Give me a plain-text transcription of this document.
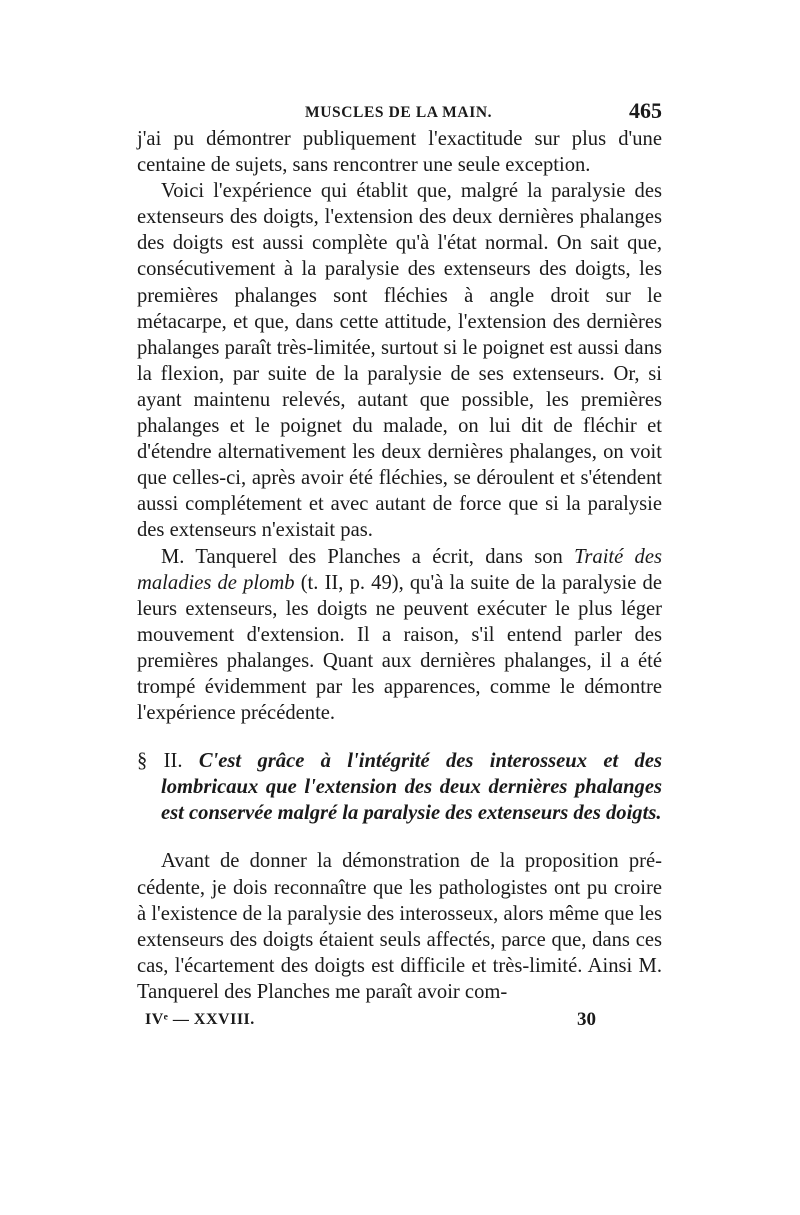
MUSCLES DE LA MAIN.	465

j'ai pu démontrer publiquement l'exactitude sur plus d'une centaine de sujets, sans rencontrer une seule exception.

Voici l'expérience qui établit que, malgré la paralysie des extenseurs des doigts, l'extension des deux dernières phalanges des doigts est aussi complète qu'à l'état normal. On sait que, consécutivement à la paralysie des extenseurs des doigts, les premières phalanges sont fléchies à angle droit sur le métacarpe, et que, dans cette attitude, l'extension des dernières phalanges paraît très-limitée, surtout si le poignet est aussi dans la flexion, par suite de la paralysie de ses extenseurs. Or, si ayant maintenu relevés, autant que possible, les premières phalanges et le poignet du malade, on lui dit de fléchir et d'étendre alternativement les deux dernières phalanges, on voit que celles-ci, après avoir été fléchies, se déroulent et s'étendent aussi complétement et avec autant de force que si la paralysie des extenseurs n'existait pas.

M. Tanquerel des Planches a écrit, dans son Traité des maladies de plomb (t. II, p. 49), qu'à la suite de la paralysie de leurs extenseurs, les doigts ne peuvent exécuter le plus léger mouvement d'extension. Il a raison, s'il entend parler des premières phalanges. Quant aux dernières phalanges, il a été trompé évidemment par les apparences, comme le démontre l'expérience précédente.

§ II. C'est grâce à l'intégrité des interosseux et des lombricaux que l'extension des deux dernières phalanges est conservée malgré la paralysie des extenseurs des doigts.

Avant de donner la démonstration de la proposition précédente, je dois reconnaître que les pathologistes ont pu croire à l'existence de la paralysie des interosseux, alors même que les extenseurs des doigts étaient seuls affectés, parce que, dans ces cas, l'écartement des doigts est difficile et très-limité. Ainsi M. Tanquerel des Planches me paraît avoir com-

IVᵉ — XXVIII.	30
